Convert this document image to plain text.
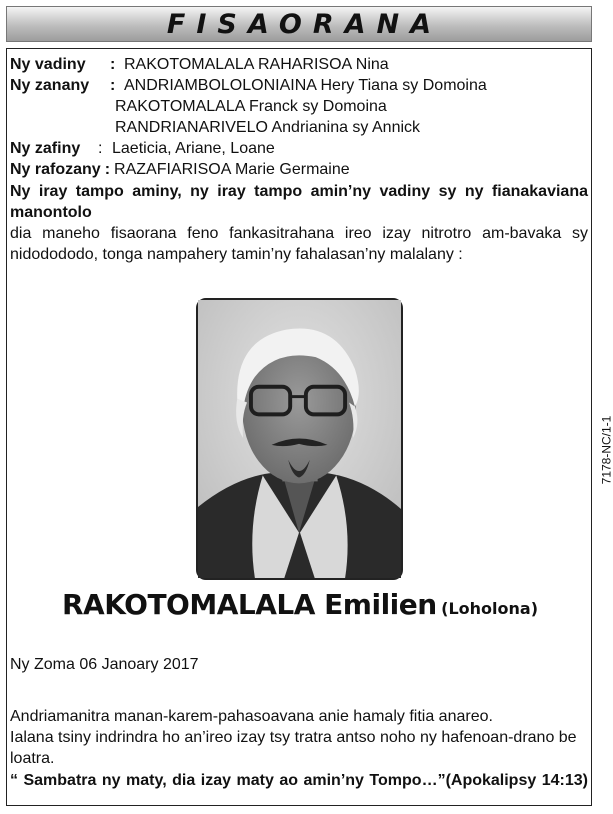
FISAORANA
Ny vadiny	: RAKOTOMALALA RAHARISOA Nina
Ny zanany	: ANDRIAMBOLOLONIAINA Hery Tiana sy Domoina
RAKOTOMALALA Franck sy Domoina
RANDRIANARIVELO Andrianina sy Annick
Ny zafiny	: Laeticia, Ariane, Loane
Ny rafozany : RAZAFIARISOA Marie Germaine
Ny iray tampo aminy, ny iray tampo amin’ny vadiny sy ny fianakaviana manontolo
dia maneho fisaorana feno fankasitrahana ireo izay nitrotro am-bavaka sy nidododod​o, tonga nampahery tamin’ny fahalasan’ny malalany :
7178-NC/1-1
RAKOTOMALALA Emilien (Loholona)
Ny Zoma 06 Janoary 2017
Andriamanitra manan-karem-pahasoavana anie hamaly fitia anareo.
Ialana tsiny indrindra ho an’ireo izay tsy tratra antso noho ny hafenoan-drano be loatra.
“ Sambatra ny maty, dia izay maty ao amin’ny Tompo…”(Apokalipsy 14:13)
